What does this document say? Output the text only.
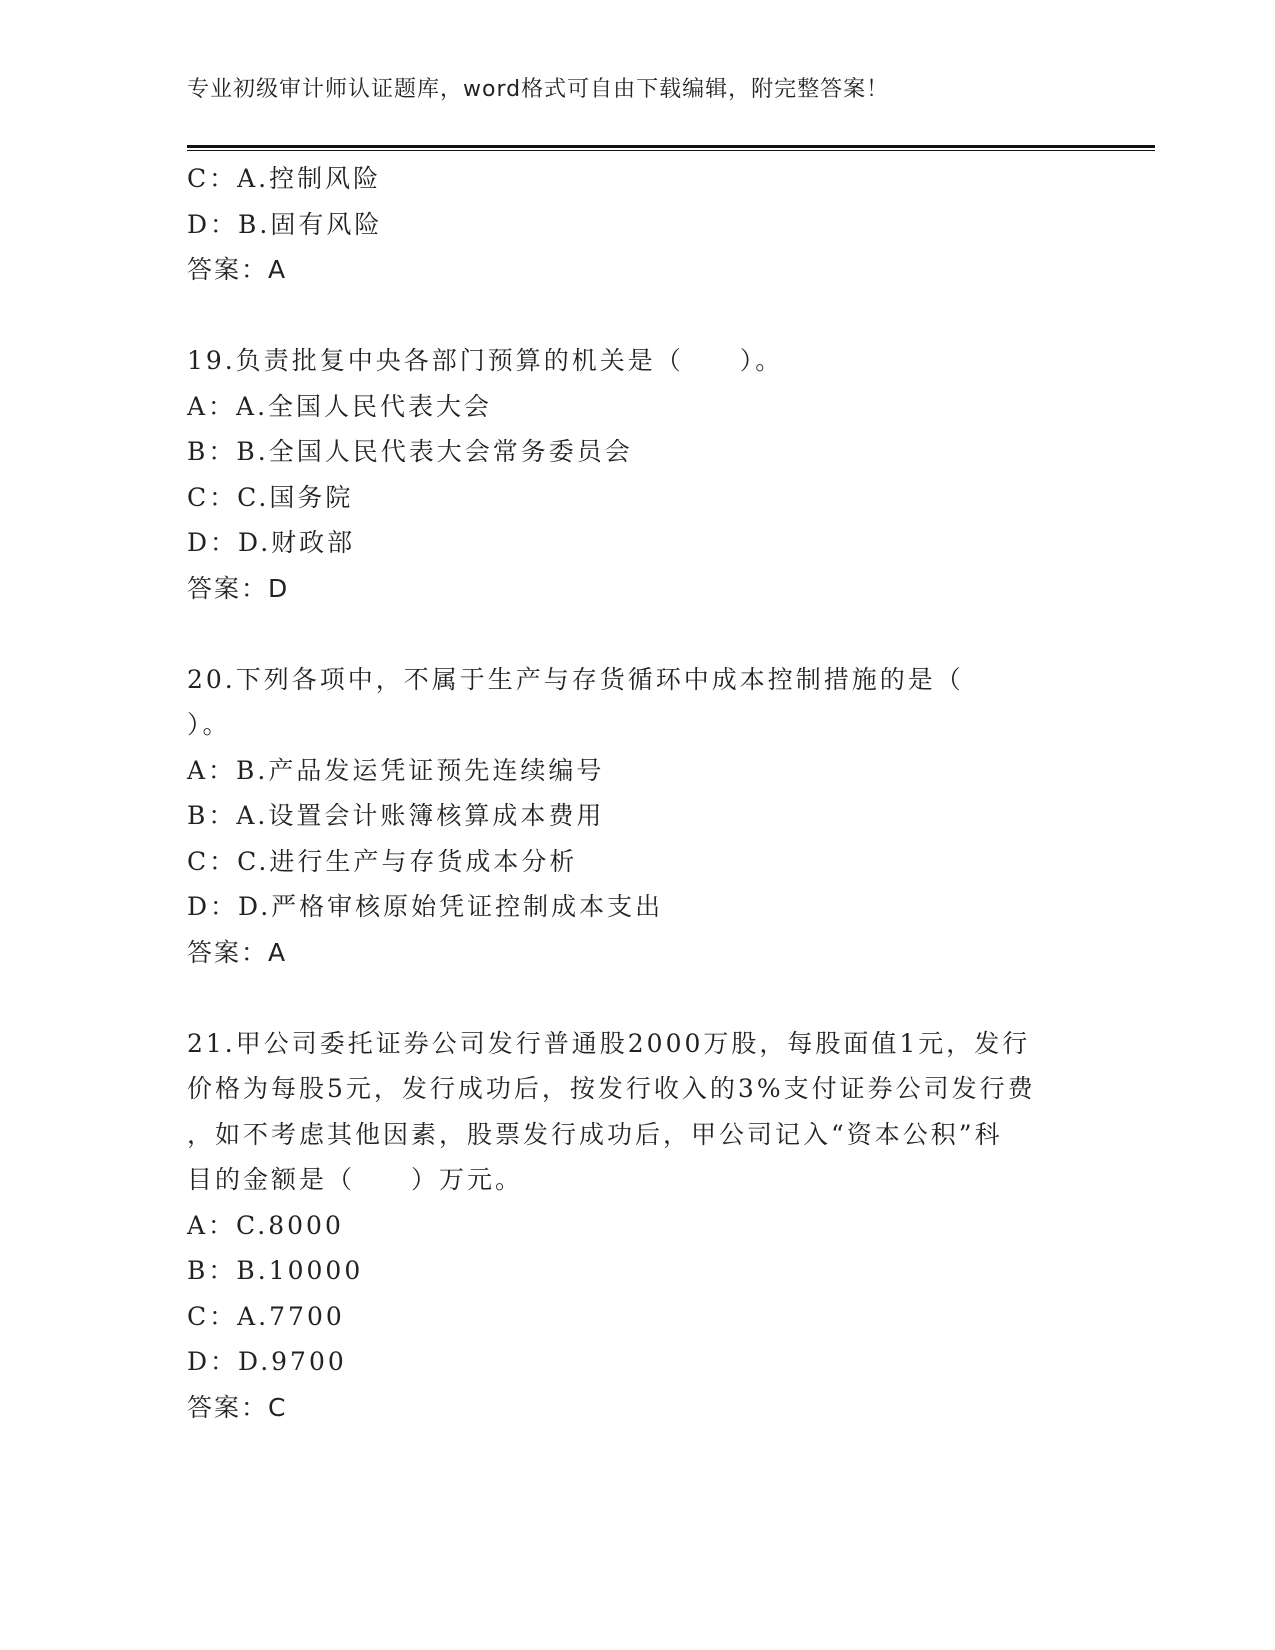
专业初级审计师认证题库，word格式可自由下载编辑，附完整答案！
C：A.控制风险
D：B.固有风险
答案：A
19.负责批复中央各部门预算的机关是（　　）。
A：A.全国人民代表大会
B：B.全国人民代表大会常务委员会
C：C.国务院
D：D.财政部
答案：D
20.下列各项中，不属于生产与存货循环中成本控制措施的是（
）。
A：B.产品发运凭证预先连续编号
B：A.设置会计账簿核算成本费用
C：C.进行生产与存货成本分析
D：D.严格审核原始凭证控制成本支出
答案：A
21.甲公司委托证券公司发行普通股2000万股，每股面值1元，发行
价格为每股5元，发行成功后，按发行收入的3%支付证券公司发行费
，如不考虑其他因素，股票发行成功后，甲公司记入“资本公积”科
目的金额是（　　）万元。
A：C.8000
B：B.10000
C：A.7700
D：D.9700
答案：C
